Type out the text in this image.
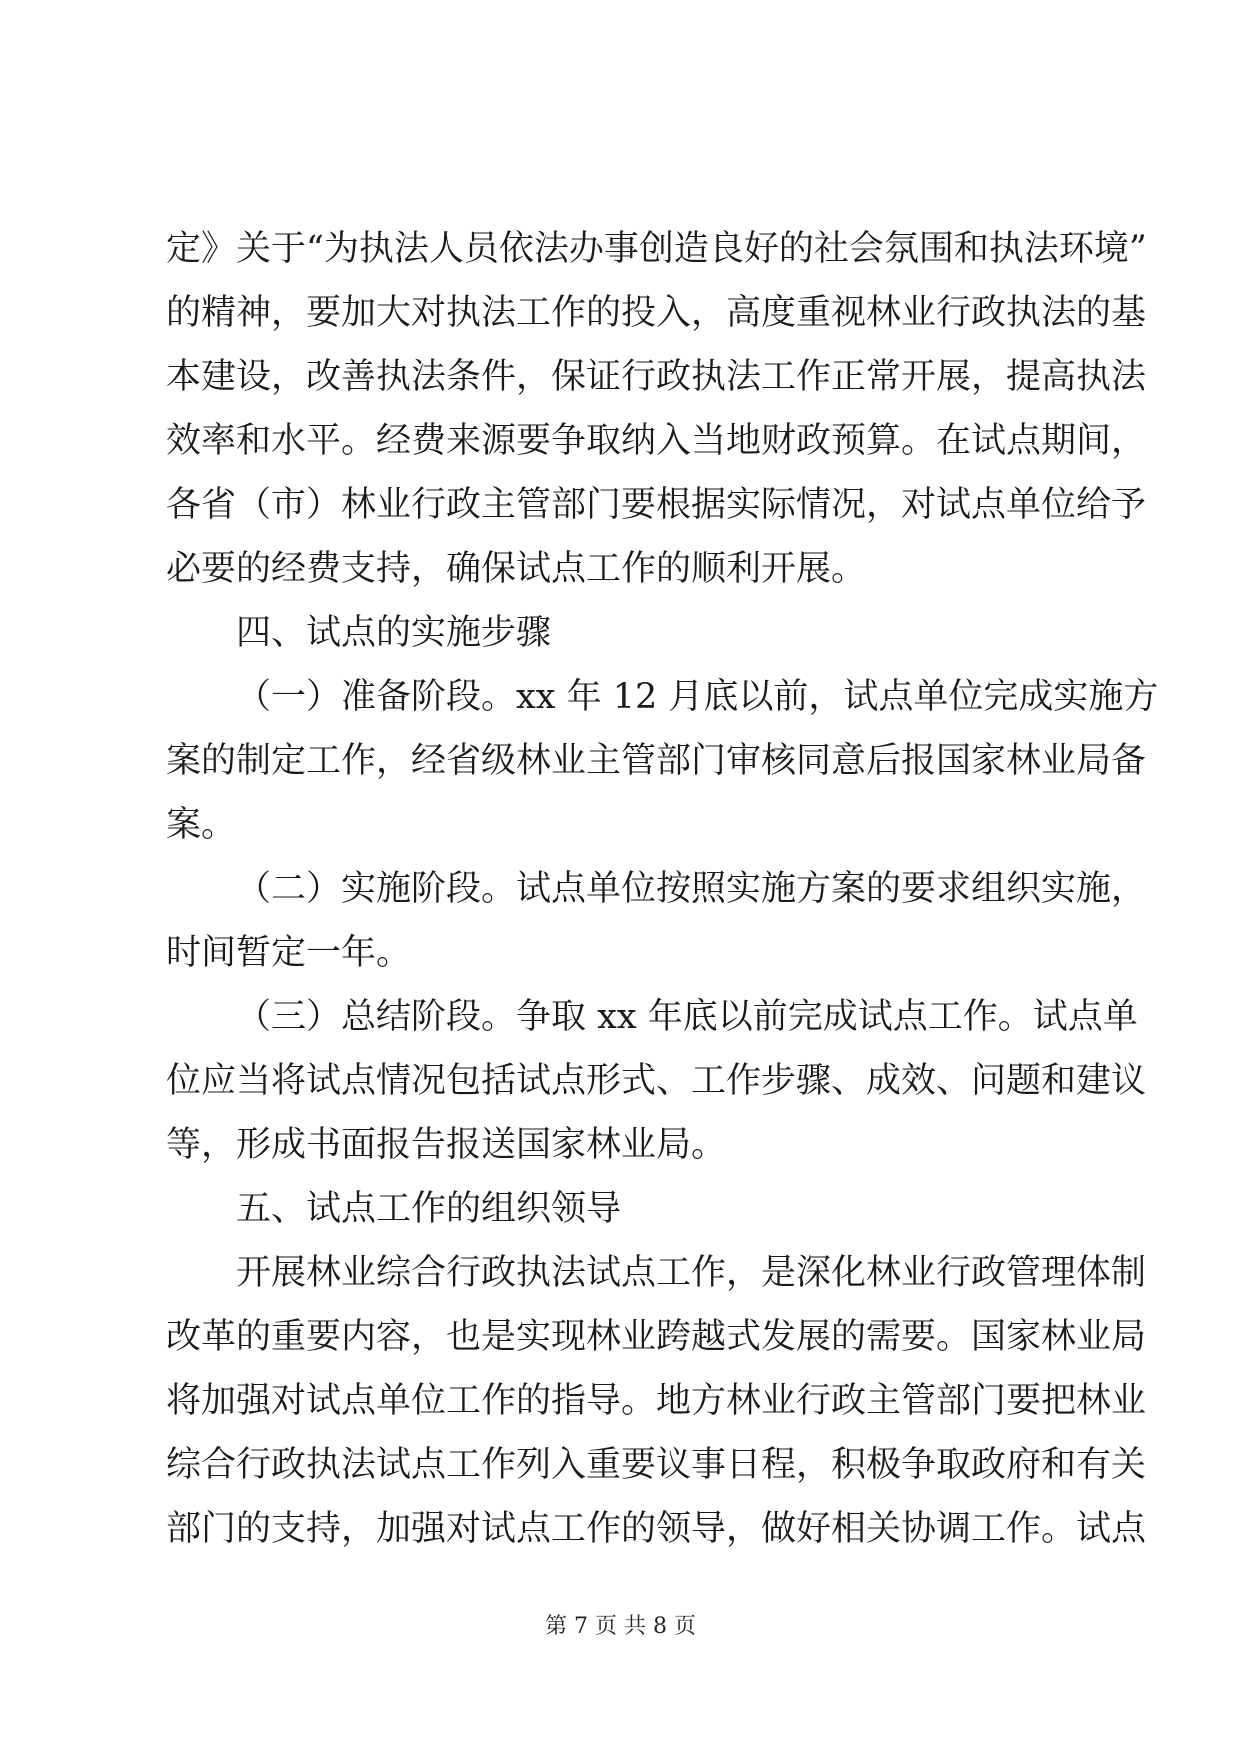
定》关于“为执法人员依法办事创造良好的社会氛围和执法环境”
的精神，要加大对执法工作的投入，高度重视林业行政执法的基
本建设，改善执法条件，保证行政执法工作正常开展，提高执法
效率和水平。经费来源要争取纳入当地财政预算。在试点期间，
各省（市）林业行政主管部门要根据实际情况，对试点单位给予
必要的经费支持，确保试点工作的顺利开展。
四、试点的实施步骤
（一）准备阶段。xx 年 12 月底以前，试点单位完成实施方
案的制定工作，经省级林业主管部门审核同意后报国家林业局备
案。
（二）实施阶段。试点单位按照实施方案的要求组织实施，
时间暂定一年。
（三）总结阶段。争取 xx 年底以前完成试点工作。试点单
位应当将试点情况包括试点形式、工作步骤、成效、问题和建议
等，形成书面报告报送国家林业局。
五、试点工作的组织领导
开展林业综合行政执法试点工作，是深化林业行政管理体制
改革的重要内容，也是实现林业跨越式发展的需要。国家林业局
将加强对试点单位工作的指导。地方林业行政主管部门要把林业
综合行政执法试点工作列入重要议事日程，积极争取政府和有关
部门的支持，加强对试点工作的领导，做好相关协调工作。试点
第 7 页 共 8 页
